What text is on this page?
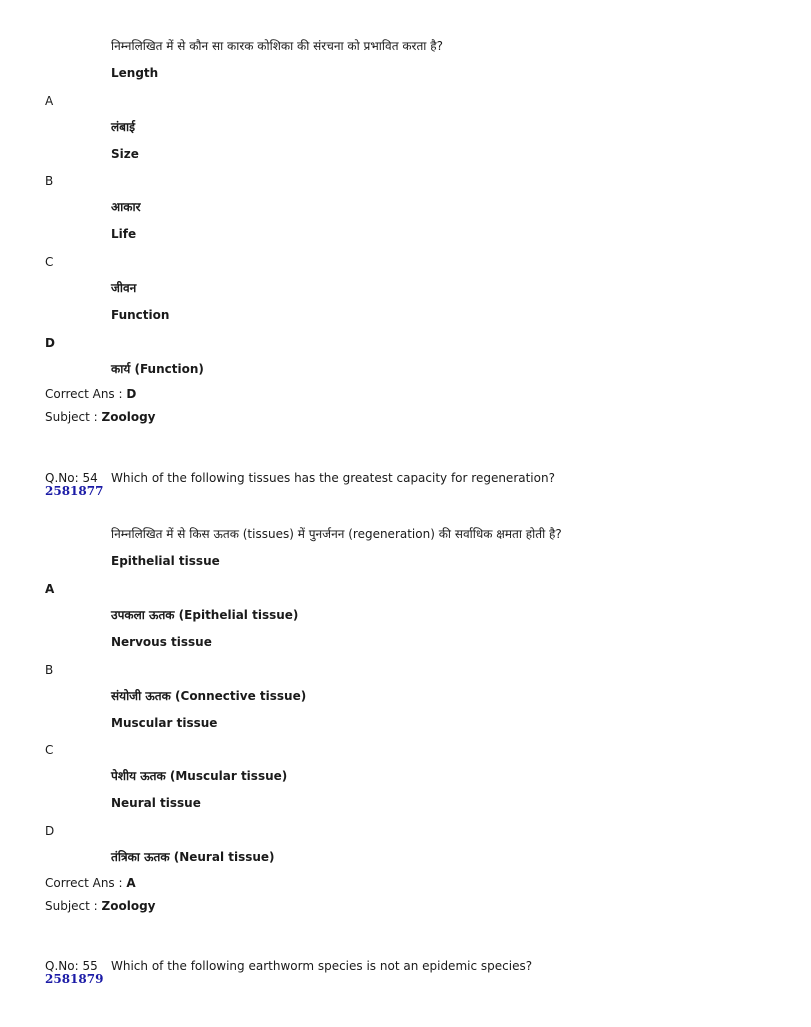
निम्नलिखित में से कौन सा कारक कोशिका की संरचना को प्रभावित करता है?
Length
A
लंबाई
Size
B
आकार
Life
C
जीवन
Function
D
कार्य (Function)
Correct Ans : D
Subject : Zoology
Q.No: 54
2581877
Which of the following tissues has the greatest capacity for regeneration?
निम्नलिखित में से किस ऊतक (tissues) में पुनर्जनन (regeneration) की सर्वाधिक क्षमता होती है?
Epithelial tissue
A
उपकला ऊतक (Epithelial tissue)
Nervous tissue
B
संयोजी ऊतक (Connective tissue)
Muscular tissue
C
पेशीय ऊतक (Muscular tissue)
Neural tissue
D
तंत्रिका ऊतक (Neural tissue)
Correct Ans : A
Subject : Zoology
Q.No: 55
2581879
Which of the following earthworm species is not an epidemic species?
